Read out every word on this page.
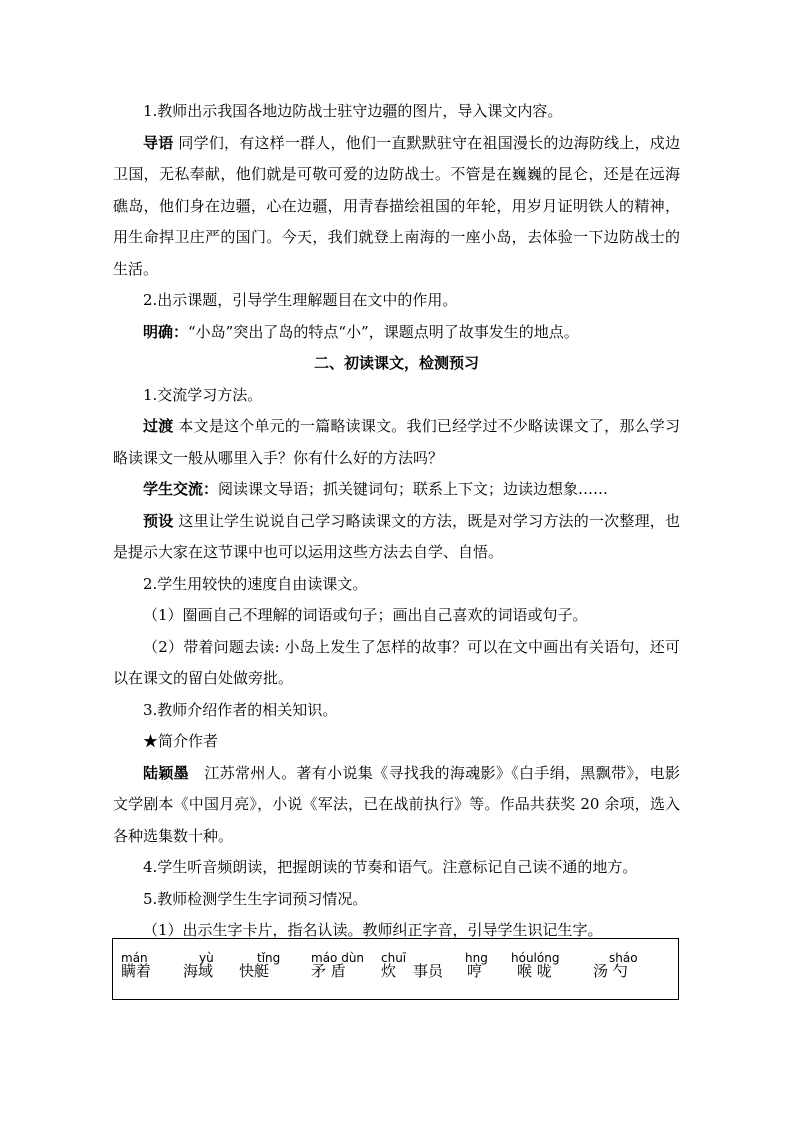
1.教师出示我国各地边防战士驻守边疆的图片，导入课文内容。

导语 同学们，有这样一群人，他们一直默默驻守在祖国漫长的边海防线上，戍边卫国，无私奉献，他们就是可敬可爱的边防战士。不管是在巍巍的昆仑，还是在远海礁岛，他们身在边疆，心在边疆，用青春描绘祖国的年轮，用岁月证明铁人的精神，用生命捍卫庄严的国门。今天，我们就登上南海的一座小岛，去体验一下边防战士的生活。

2.出示课题，引导学生理解题目在文中的作用。

明确：“小岛”突出了岛的特点“小”，课题点明了故事发生的地点。

二、初读课文，检测预习

1.交流学习方法。

过渡 本文是这个单元的一篇略读课文。我们已经学过不少略读课文了，那么学习略读课文一般从哪里入手？你有什么好的方法吗？

学生交流：阅读课文导语；抓关键词句；联系上下文；边读边想象……

预设 这里让学生说说自己学习略读课文的方法，既是对学习方法的一次整理，也是提示大家在这节课中也可以运用这些方法去自学、自悟。

2.学生用较快的速度自由读课文。

（1）圈画自己不理解的词语或句子；画出自己喜欢的词语或句子。

（2）带着问题去读: 小岛上发生了怎样的故事？可以在文中画出有关语句，还可以在课文的留白处做旁批。

3.教师介绍作者的相关知识。

★简介作者

陆颖墨　江苏常州人。著有小说集《寻找我的海魂影》《白手绢，黑飘带》，电影文学剧本《中国月亮》，小说《军法，已在战前执行》等。作品共获奖 20 余项，选入各种选集数十种。

4.学生听音频朗读，把握朗读的节奏和语气。注意标记自己读不通的地方。

5.教师检测学生生字词预习情况。

（1）出示生字卡片，指名认读。教师纠正字音，引导学生识记生字。

mán
瞒着
yù
海域
tǐng
快艇
máo dùn
矛 盾
chuī
炊 事员
hng
哼
hóulóng
喉 咙
sháo
汤 勺
